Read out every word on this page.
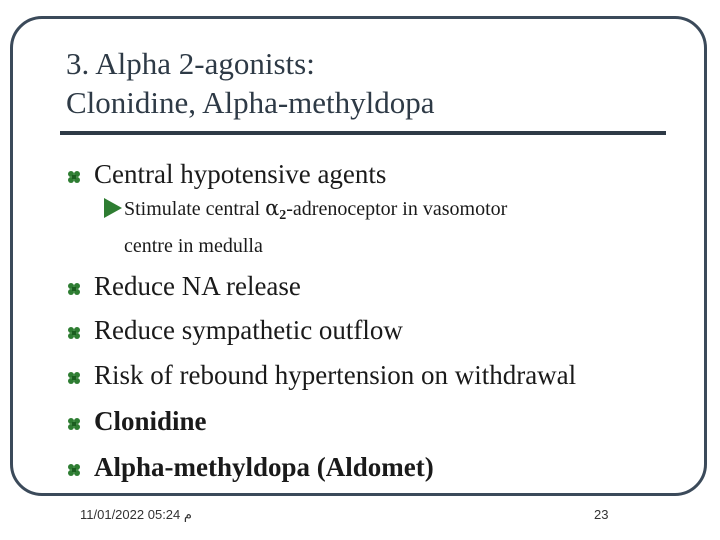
3. Alpha 2-agonists:
Clonidine, Alpha-methyldopa
Central hypotensive agents
Stimulate central $\alpha_2$-adrenoceptor in vasomotor
centre in medulla
Reduce NA release
Reduce sympathetic outflow
Risk of rebound hypertension on withdrawal
Clonidine
Alpha-methyldopa (Aldomet)
م 05:24 11/01/2022	23
